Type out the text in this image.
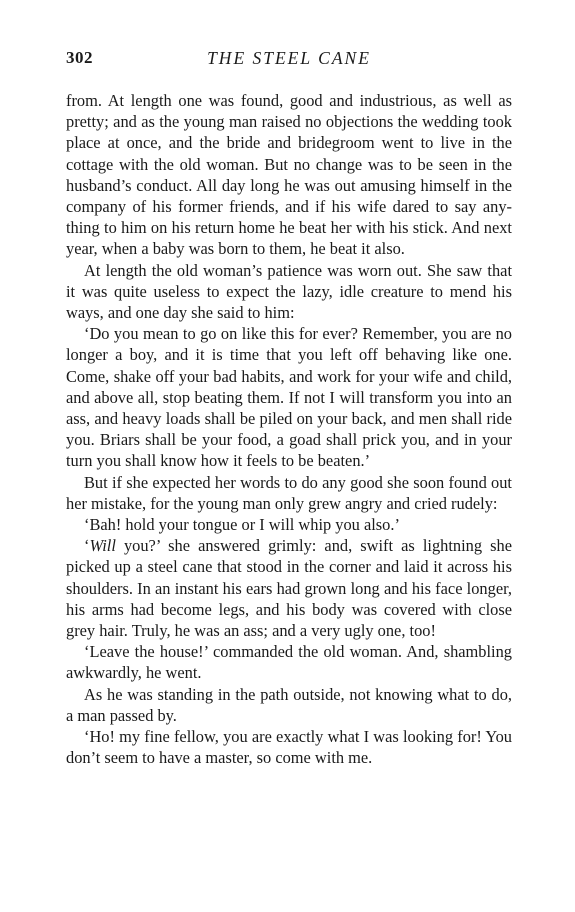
302	THE STEEL CANE

from. At length one was found, good and industrious, as well as pretty; and as the young man raised no objections the wedding took place at once, and the bride and bridegroom went to live in the cottage with the old woman. But no change was to be seen in the husband’s conduct. All day long he was out amusing himself in the company of his former friends, and if his wife dared to say anything to him on his return home he beat her with his stick. And next year, when a baby was born to them, he beat it also.

At length the old woman’s patience was worn out. She saw that it was quite useless to expect the lazy, idle creature to mend his ways, and one day she said to him:

‘Do you mean to go on like this for ever? Remember, you are no longer a boy, and it is time that you left off behaving like one. Come, shake off your bad habits, and work for your wife and child, and above all, stop beating them. If not I will transform you into an ass, and heavy loads shall be piled on your back, and men shall ride you. Briars shall be your food, a goad shall prick you, and in your turn you shall know how it feels to be beaten.’

But if she expected her words to do any good she soon found out her mistake, for the young man only grew angry and cried rudely:

‘Bah! hold your tongue or I will whip you also.’

‘Will you?’ she answered grimly: and, swift as lightning she picked up a steel cane that stood in the corner and laid it across his shoulders. In an instant his ears had grown long and his face longer, his arms had become legs, and his body was covered with close grey hair. Truly, he was an ass; and a very ugly one, too!

‘Leave the house!’ commanded the old woman. And, shambling awkwardly, he went.

As he was standing in the path outside, not knowing what to do, a man passed by.

‘Ho! my fine fellow, you are exactly what I was looking for! You don’t seem to have a master, so come with me.
